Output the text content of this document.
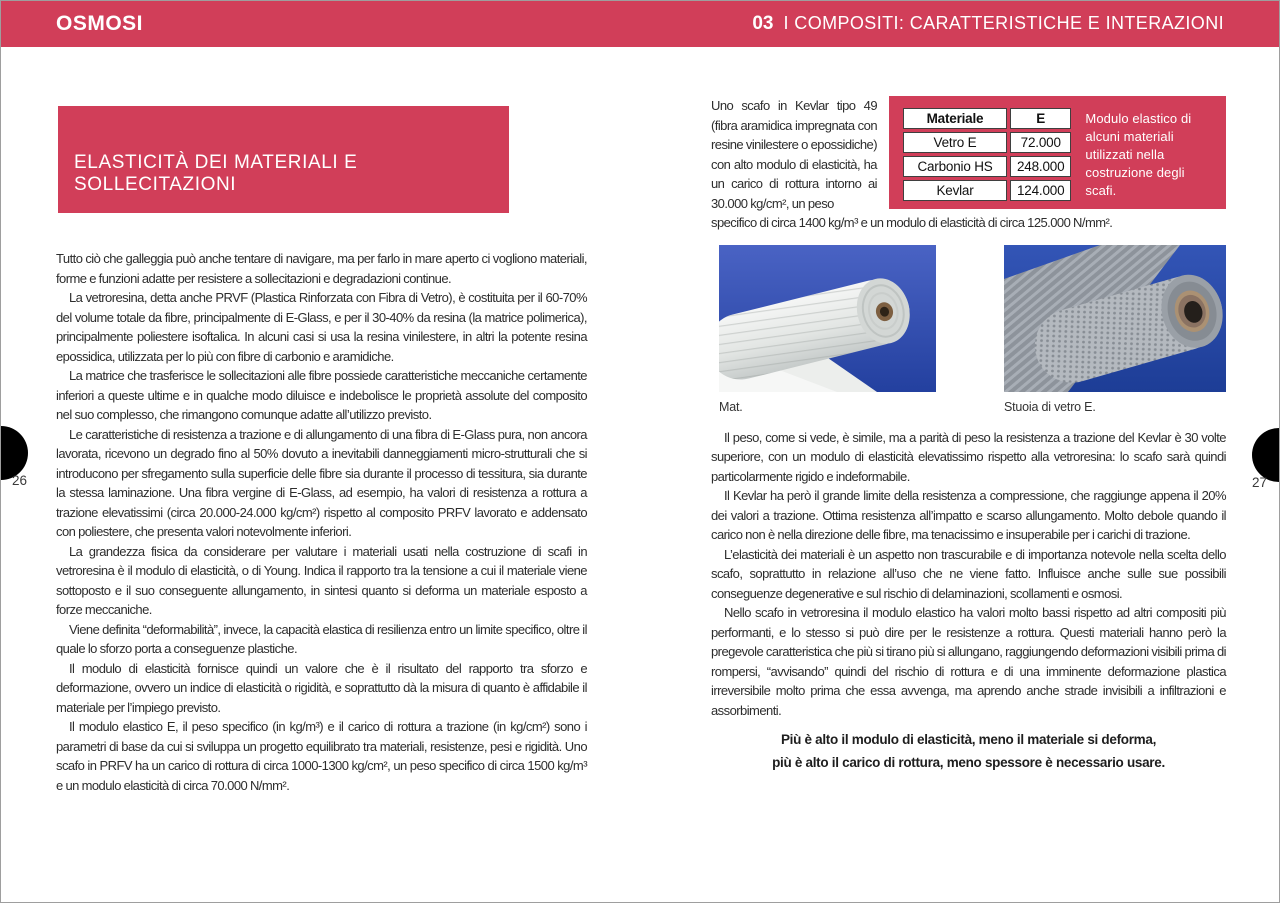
OSMOSI	03 I COMPOSITI: CARATTERISTICHE E INTERAZIONI
ELASTICITÀ DEI MATERIALI E SOLLECITAZIONI

Tutto ciò che galleggia può anche tentare di navigare, ma per farlo in mare aperto ci vogliono materiali, forme e funzioni adatte per resistere a sollecitazioni e degradazioni continue.

La vetroresina, detta anche PRVF (Plastica Rinforzata con Fibra di Vetro), è costituita per il 60-70% del volume totale da fibre, principalmente di E-Glass, e per il 30-40% da resina (la matrice polimerica), principalmente poliestere isoftalica. In alcuni casi si usa la resina vinilestere, in altri la potente resina epossidica, utilizzata per lo più con fibre di carbonio e aramidiche.

La matrice che trasferisce le sollecitazioni alle fibre possiede caratteristiche meccaniche certamente inferiori a queste ultime e in qualche modo diluisce e indebolisce le proprietà assolute del composito nel suo complesso, che rimangono comunque adatte all’utilizzo previsto.

Le caratteristiche di resistenza a trazione e di allungamento di una fibra di E-Glass pura, non ancora lavorata, ricevono un degrado fino al 50% dovuto a inevitabili danneggiamenti micro-strutturali che si introducono per sfregamento sulla superficie delle fibre sia durante il processo di tessitura, sia durante la stessa laminazione. Una fibra vergine di E-Glass, ad esempio, ha valori di resistenza a rottura a trazione elevatissimi (circa 20.000-24.000 kg/cm²) rispetto al composito PRFV lavorato e addensato con poliestere, che presenta valori notevolmente inferiori.

La grandezza fisica da considerare per valutare i materiali usati nella costruzione di scafi in vetroresina è il modulo di elasticità, o di Young. Indica il rapporto tra la tensione a cui il materiale viene sottoposto e il suo conseguente allungamento, in sintesi quanto si deforma un materiale esposto a forze meccaniche.

Viene definita “deformabilità”, invece, la capacità elastica di resilienza entro un limite specifico, oltre il quale lo sforzo porta a conseguenze plastiche.

Il modulo di elasticità fornisce quindi un valore che è il risultato del rapporto tra sforzo e deformazione, ovvero un indice di elasticità o rigidità, e soprattutto dà la misura di quanto è affidabile il materiale per l’impiego previsto.

Il modulo elastico E, il peso specifico (in kg/m³) e il carico di rottura a trazione (in kg/cm²) sono i parametri di base da cui si sviluppa un progetto equilibrato tra materiali, resistenze, pesi e rigidità. Uno scafo in PRFV ha un carico di rottura di circa 1000-1300 kg/cm², un peso specifico di circa 1500 kg/m³ e un modulo elasticità di circa 70.000 N/mm².

Uno scafo in Kevlar tipo 49 (fibra aramidica impregnata con resine vinilestere o epossidiche) con alto modulo di elasticità, ha un carico di rottura intorno ai 30.000 kg/cm², un peso
Materiale	E
Vetro E	72.000
Carbonio HS	248.000
Kevlar	124.000
Modulo elastico di alcuni materiali utilizzati nella costruzione degli scafi.
specifico di circa 1400 kg/m³ e un modulo di elasticità di circa 125.000 N/mm².
Mat.	Stuoia di vetro E.

Il peso, come si vede, è simile, ma a parità di peso la resistenza a trazione del Kevlar è 30 volte superiore, con un modulo di elasticità elevatissimo rispetto alla vetroresina: lo scafo sarà quindi particolarmente rigido e indeformabile.

Il Kevlar ha però il grande limite della resistenza a compressione, che raggiunge appena il 20% dei valori a trazione. Ottima resistenza all’impatto e scarso allungamento. Molto debole quando il carico non è nella direzione delle fibre, ma tenacissimo e insuperabile per i carichi di trazione.

L’elasticità dei materiali è un aspetto non trascurabile e di importanza notevole nella scelta dello scafo, soprattutto in relazione all’uso che ne viene fatto. Influisce anche sulle sue possibili conseguenze degenerative e sul rischio di delaminazioni, scollamenti e osmosi.

Nello scafo in vetroresina il modulo elastico ha valori molto bassi rispetto ad altri compositi più performanti, e lo stesso si può dire per le resistenze a rottura. Questi materiali hanno però la pregevole caratteristica che più si tirano più si allungano, raggiungendo deformazioni visibili prima di rompersi, “avvisando” quindi del rischio di rottura e di una imminente deformazione plastica irreversibile molto prima che essa avvenga, ma aprendo anche strade invisibili a infiltrazioni e assorbimenti.

Più è alto il modulo di elasticità, meno il materiale si deforma,
più è alto il carico di rottura, meno spessore è necessario usare.
26	27
